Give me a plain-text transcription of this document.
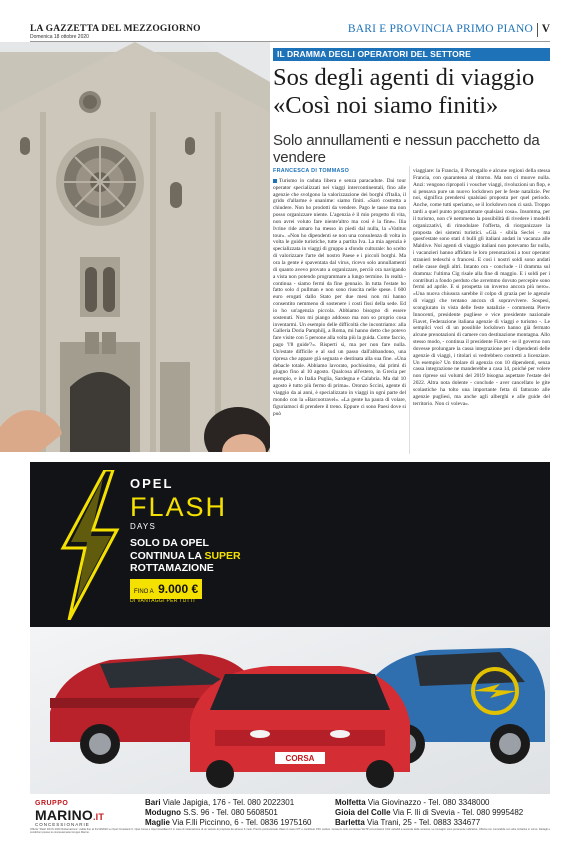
LA GAZZETTA DEL MEZZOGIORNO
Domenica 18 ottobre 2020
BARI E PROVINCIA PRIMO PIANO V
IL DRAMMA DEGLI OPERATORI DEL SETTORE
Sos degli agenti di viaggio
«Così noi siamo finiti»
Solo annullamenti e nessun pacchetto da vendere
FRANCESCA DI TOMMASO

Turismo in caduta libera e senza paracadute. Dai tour operator specializzati nei viaggi intercontinentali, fino alle agenzie che svolgono la valorizzazione dei borghi d'Italia, il grido d'allarme è unanime: siamo finiti. «Sarò costretta a chiudere. Non ho prodotti da vendere. Pago le tasse ma non posso organizzare niente. L'agenzia è il mio progetto di vita, non avrei voluto fare niente'altro ma così è la fine». Ilia Ivrine ride amaro ha messo in piedi dal nulla, la «Vatitus tour». «Non ho dipendenti se non una consulenza di volta in volta le guide turistiche, tutte a partita Iva. La mia agenzia è specializzata in viaggi di gruppo a sfondo culturale: ho scelto di valorizzare l'arte del nostro Paese e i piccoli borghi. Ma ora la gente è spaventata dal virus, ricevo solo annullamenti di quanto avevo provato a organizzare, perciò ora navigando a vista non potendo programmare a lungo termine. In realtà - continua - siamo fermi da fine gennaio. In tutta l'estate ho fatto solo 4 pullman e non sono riuscita nelle spese. I 600 euro erogati dallo Stato per due mesi non mi hanno consentito nemmeno di sostenere i costi fissi della sede. Ed io ho un'agenzia piccola. Abbiamo bisogno di essere sostenuti. Non mi piango addosso ma non so proprio cosa inventarmi. Un esempio delle difficoltà che incontriamo: alla Galleria Doria Pamphilj, a Roma, mi hanno detto che potevo fare visite con 5 persone alla volta più la guida. Come faccio, pago 'l'8 guide'?». Risperti sì, ma per non fare nulla. Un'estate difficile e al sud un passo dall'abbandono, una ripresa che appare già segnata e destinata alla sua fine. «Una debacle totale. Abbiamo lavorato, pochissimo, dai primi di giugno fino al 10 agosto. Qualcosa all'estero, in Grecia per esempio, e in Italia Puglia, Sardegna e Calabria. Ma dal 10 agosto è tutto più fermo di prima». Oronzo Sccini, agente di viaggio da ai anni, è specializzato in viaggi in ogni parte del mondo con la «Barcootravel». «La gente ha paura di volare, figuriamoci di prendere il treno. Eppure ci sono Paesi dove si può

viaggiare: la Francia, il Portogallo e alcune regioni della stessa Francia, con quarantena al ritorno. Ma non ci muove nulla. Anzi: vengono ripropoli i voucher viaggi, rivoluzioni un flop, e si pensava pure un nuovo lockdown per le feste natalizie. Per noi, significa prendersi qualsiasi proposta per quel periodo. Anche, come tutti speriamo, se il lockdown non ci sarà. Troppo tardi a quel punto programmare qualsiasi cosa». Insomma, per il turismo, non c'è nemmeno la possibilità di rivedere i modelli organizzativi, di rimodulare l'offerta, di riorganizzare la proposta dei sistemi turistici. «Già - sibila Seclei - ma quest'estate sono stati 4 bulli gli italiani andati in vacanza alle Maldive. Noi agenti di viaggio italiani non potevamo far nulla, i vacanzieri hanno affidato le loro prenotazioni a tour operator stranieri tedeschi o francesi. E così i nostri soldi sono andati nelle casse degli altri. Intanto ora - conclude - il dramma sul dramma: l'ultima Cig risale alla fine di maggio. E i soldi per i contributi a fondo perduto che avremmo dovuto percepire sono fermi ad aprile. E si prospetta un inverno ancora più nero». «Una nuova chiusura sarebbe il colpo di grazia per le agenzie di viaggi che tentano ancora di sopravvivere. Sospesi, scongiurato in vista delle feste natalizie - commenta Pierre Innocenti, presidente pugliese e vice presidente nazionale Fiavet, Federazione italiana agenzie di viaggi e turismo -. Le sempilci voci di un possibile lockdown hanno già fermato alcune prenotazioni di camere con destinazione montagna. Allo stesso modo, - continua il presidente Fiavet - se il governo non dovesse prolungare la cassa integrazione per i dipendenti delle agenzie di viaggi, i titolari si vedrebbero costretti a licenziare. Un esempio? Un titolare di agenzia con 10 dipendenti, senza cassa integrazione ne manderebbe a casa 14, poiché per volere non riprese sui volumi del 2019 bisogna aspettare l'estate del 2022. Altra nota dolente - conclude - aver cancellato le gite scolastiche ha tolto una importante fetta di fatturato alle agenzie pugliesi, ma anche agli alberghi e alle guide del territorio. Non ci voleva».

OPEL
FLASH
DAYS
SOLO DA OPEL
CONTINUA LA SUPER
ROTTAMAZIONE
FINO A 9.000 €
DI VANTAGGI PER TUTTI
CORSA
GRUPPO
MARINO.IT
CONCESSIONARIE
Bari Viale Japigia, 176 - Tel. 080 2022301
Modugno S.S. 96 - Tel. 080 5608501
Maglie Via F.lli Piccinno, 6 - Tel. 0836 1975160
Molfetta Via Giovinazzo - Tel. 080 3348000
Gioia del Colle Via F. lli di Svevia - Tel. 080 9995482
Barletta Via Trani, 25 - Tel. 0883 334677
Offerta "Flash DAYS 2020 Rottamazione" valida fino al 31/10/2020 su Opel Crossland X, Opel Corsa e Opel Grandland X in caso di rottamazione di un veicolo di proprietà da almeno 6 mesi. Prezzo promozionale chiavi in mano IPT e contributo PFU esclusi. Consumi ciclo combinato WLTP ed emissioni CO2 variabili a seconda della versione. Le immagini sono puramente indicative. Offerta non cumulabile con altre iniziative in corso. Dettagli e condizioni presso le concessionarie Gruppo Marino.
